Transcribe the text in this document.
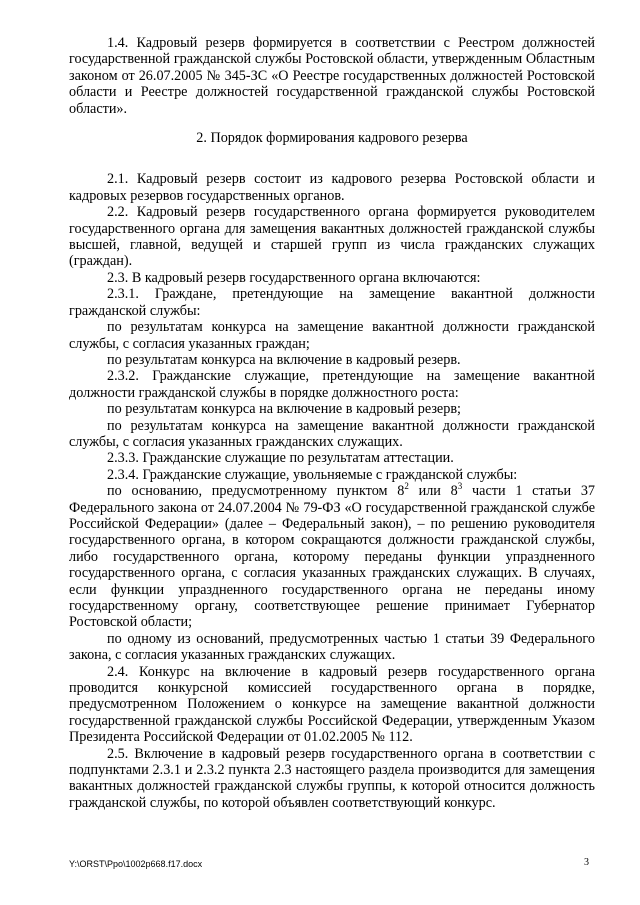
1.4. Кадровый резерв формируется в соответствии с Реестром должностей государственной гражданской службы Ростовской области, утвержденным Областным законом от 26.07.2005 № 345-ЗС «О Реестре государственных должностей Ростовской области и Реестре должностей государственной гражданской службы Ростовской области».

2. Порядок формирования кадрового резерва

2.1. Кадровый резерв состоит из кадрового резерва Ростовской области и кадровых резервов государственных органов.

2.2. Кадровый резерв государственного органа формируется руководителем государственного органа для замещения вакантных должностей гражданской службы высшей, главной, ведущей и старшей групп из числа гражданских служащих (граждан).

2.3. В кадровый резерв государственного органа включаются:

2.3.1. Граждане, претендующие на замещение вакантной должности гражданской службы:

по результатам конкурса на замещение вакантной должности гражданской службы, с согласия указанных граждан;

по результатам конкурса на включение в кадровый резерв.

2.3.2. Гражданские служащие, претендующие на замещение вакантной должности гражданской службы в порядке должностного роста:

по результатам конкурса на включение в кадровый резерв;

по результатам конкурса на замещение вакантной должности гражданской службы, с согласия указанных гражданских служащих.

2.3.3. Гражданские служащие по результатам аттестации.

2.3.4. Гражданские служащие, увольняемые с гражданской службы:

по основанию, предусмотренному пунктом $8^2$ или $8^3$ части 1 статьи 37 Федерального закона от 24.07.2004 № 79-ФЗ «О государственной гражданской службе Российской Федерации» (далее – Федеральный закон), – по решению руководителя государственного органа, в котором сокращаются должности гражданской службы, либо государственного органа, которому переданы функции упраздненного государственного органа, с согласия указанных гражданских служащих. В случаях, если функции упраздненного государственного органа не переданы иному государственному органу, соответствующее решение принимает Губернатор Ростовской области;

по одному из оснований, предусмотренных частью 1 статьи 39 Федерального закона, с согласия указанных гражданских служащих.

2.4. Конкурс на включение в кадровый резерв государственного органа проводится конкурсной комиссией государственного органа в порядке, предусмотренном Положением о конкурсе на замещение вакантной должности государственной гражданской службы Российской Федерации, утвержденным Указом Президента Российской Федерации от 01.02.2005 № 112.

2.5. Включение в кадровый резерв государственного органа в соответствии с подпунктами 2.3.1 и 2.3.2 пункта 2.3 настоящего раздела производится для замещения вакантных должностей гражданской службы группы, к которой относится должность гражданской службы, по которой объявлен соответствующий конкурс.

Y:\ORST\Ppo\1002p668.f17.docx	3
